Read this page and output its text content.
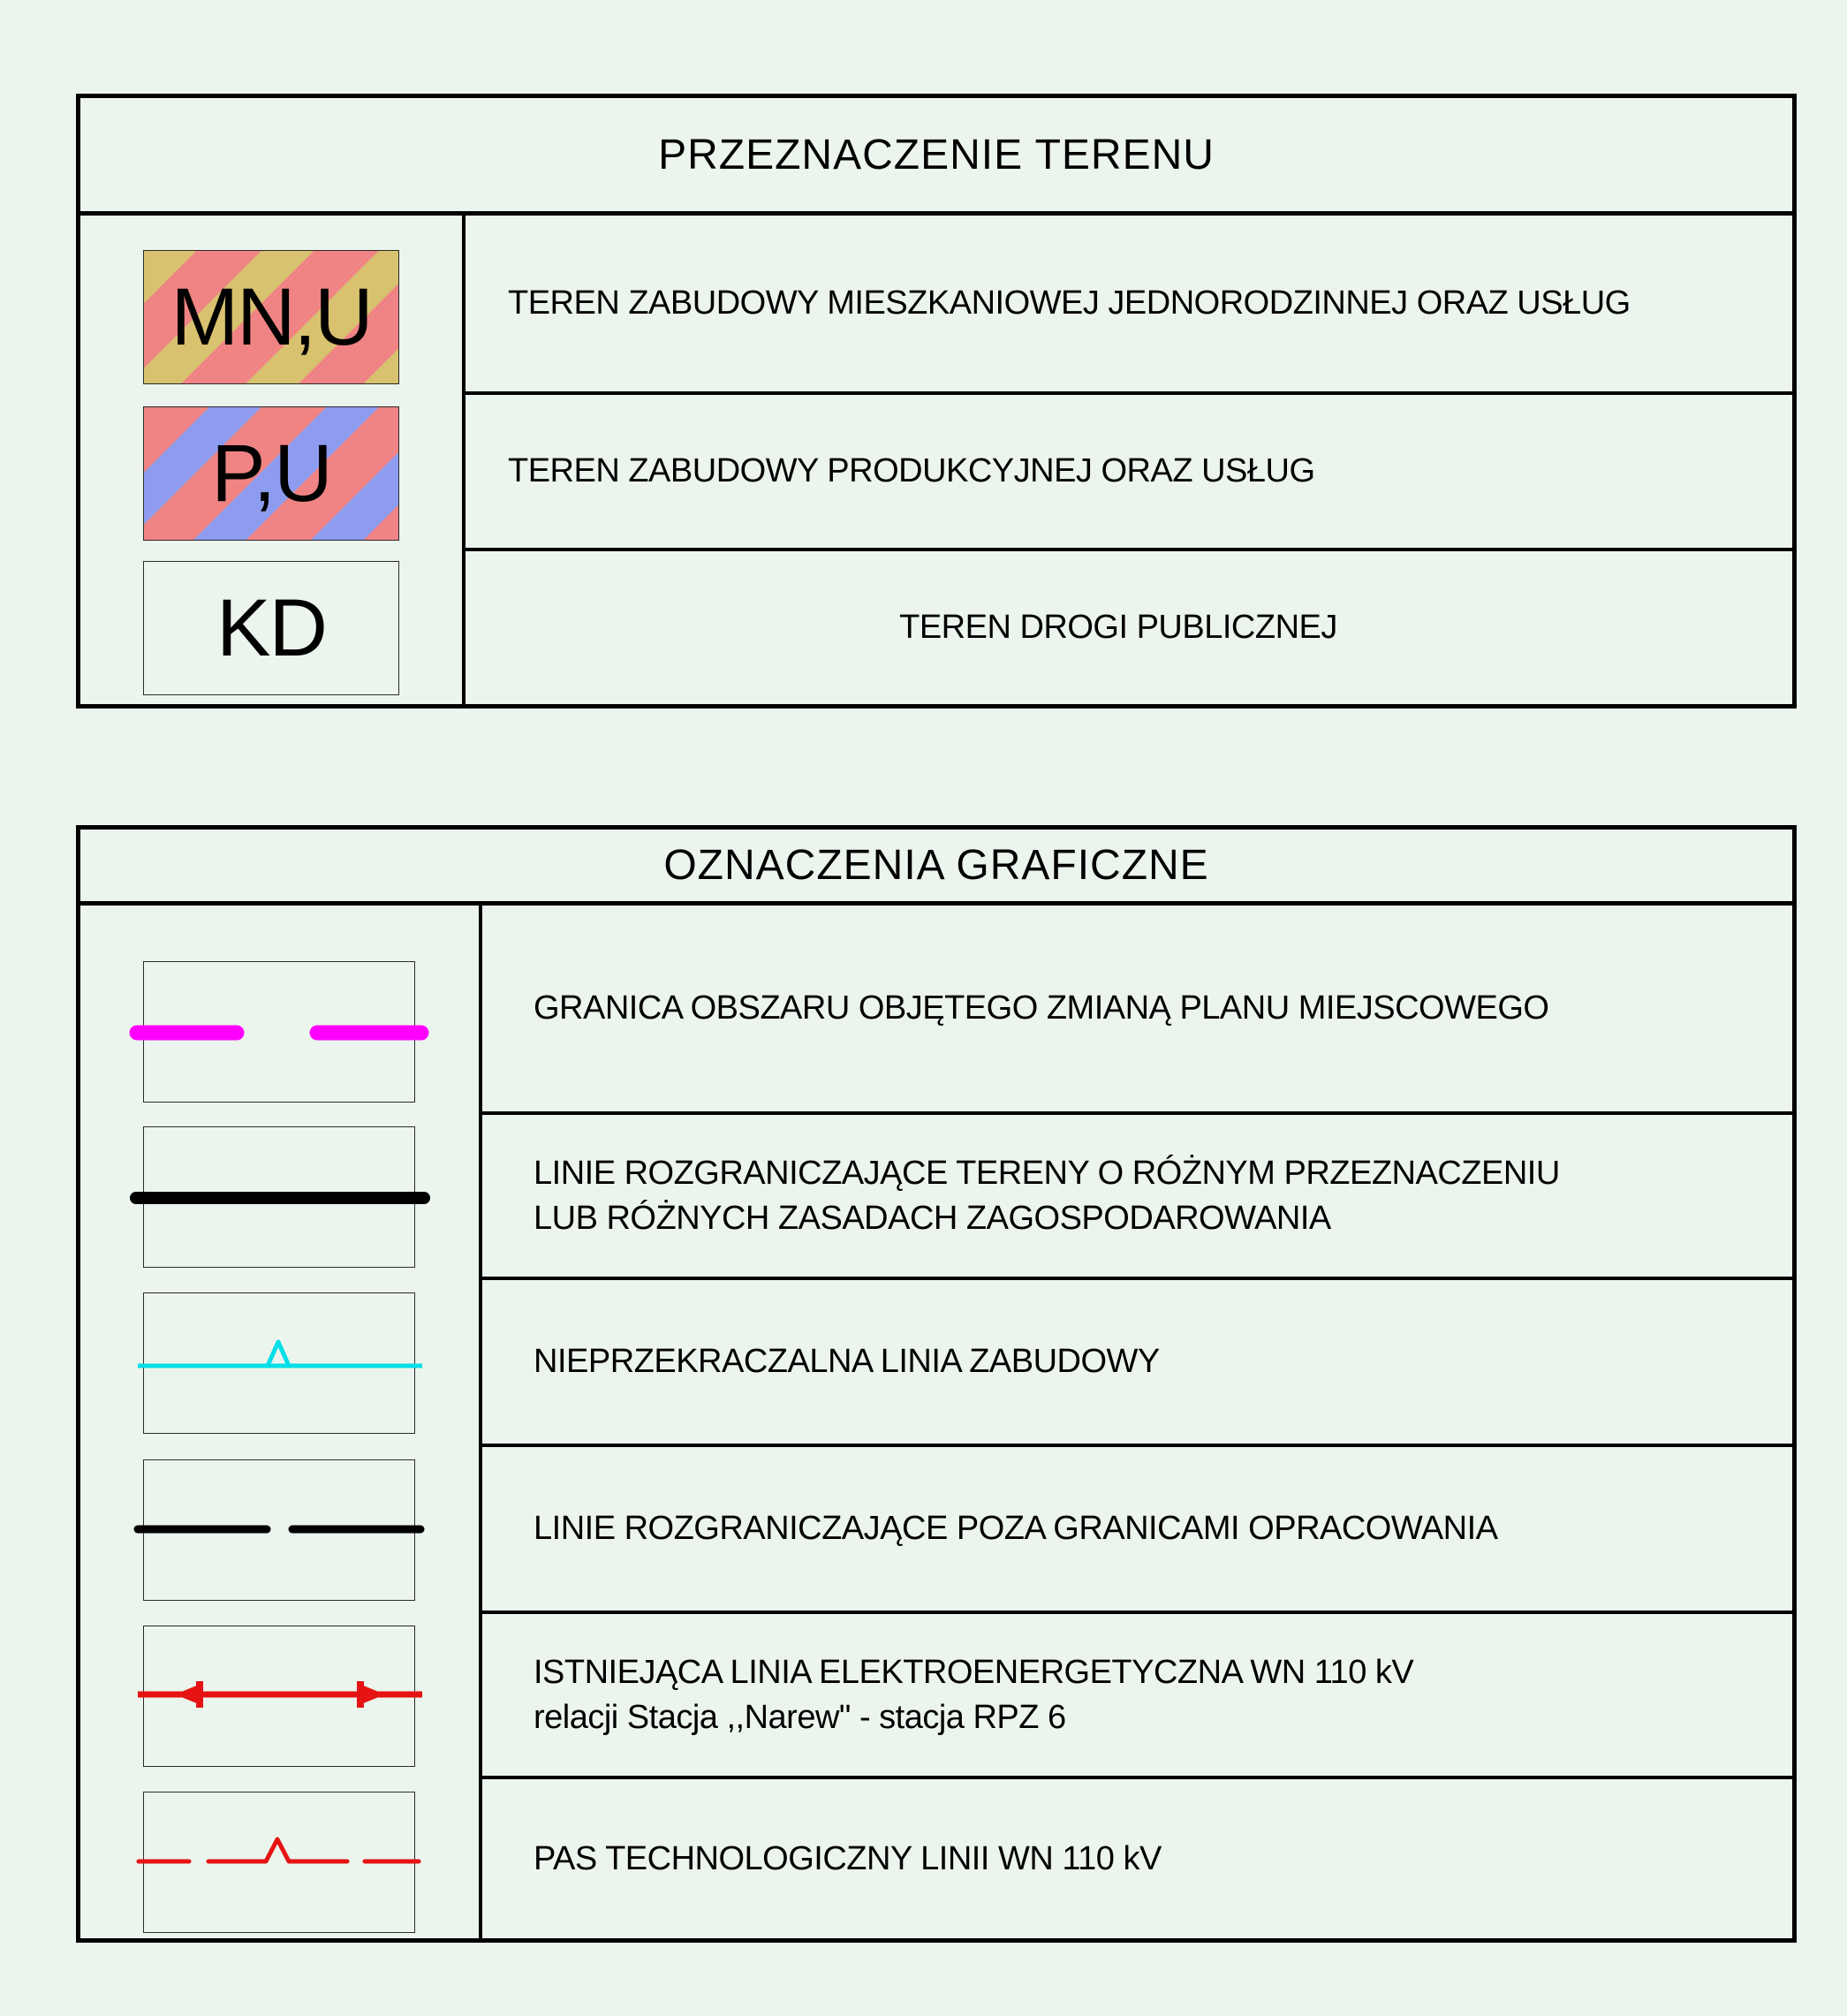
PRZEZNACZENIE TERENU
MN,U
P,U
KD
TEREN ZABUDOWY MIESZKANIOWEJ JEDNORODZINNEJ ORAZ USŁUG
TEREN ZABUDOWY PRODUKCYJNEJ ORAZ USŁUG
TEREN DROGI PUBLICZNEJ
OZNACZENIA GRAFICZNE
GRANICA OBSZARU OBJĘTEGO ZMIANĄ PLANU MIEJSCOWEGO
LINIE ROZGRANICZAJĄCE TERENY O RÓŻNYM PRZEZNACZENIU
LUB RÓŻNYCH ZASADACH ZAGOSPODAROWANIA
NIEPRZEKRACZALNA LINIA ZABUDOWY
LINIE ROZGRANICZAJĄCE POZA GRANICAMI OPRACOWANIA
ISTNIEJĄCA LINIA ELEKTROENERGETYCZNA WN 110 kV
relacji Stacja ,,Narew" - stacja RPZ 6
PAS TECHNOLOGICZNY LINII WN 110 kV
